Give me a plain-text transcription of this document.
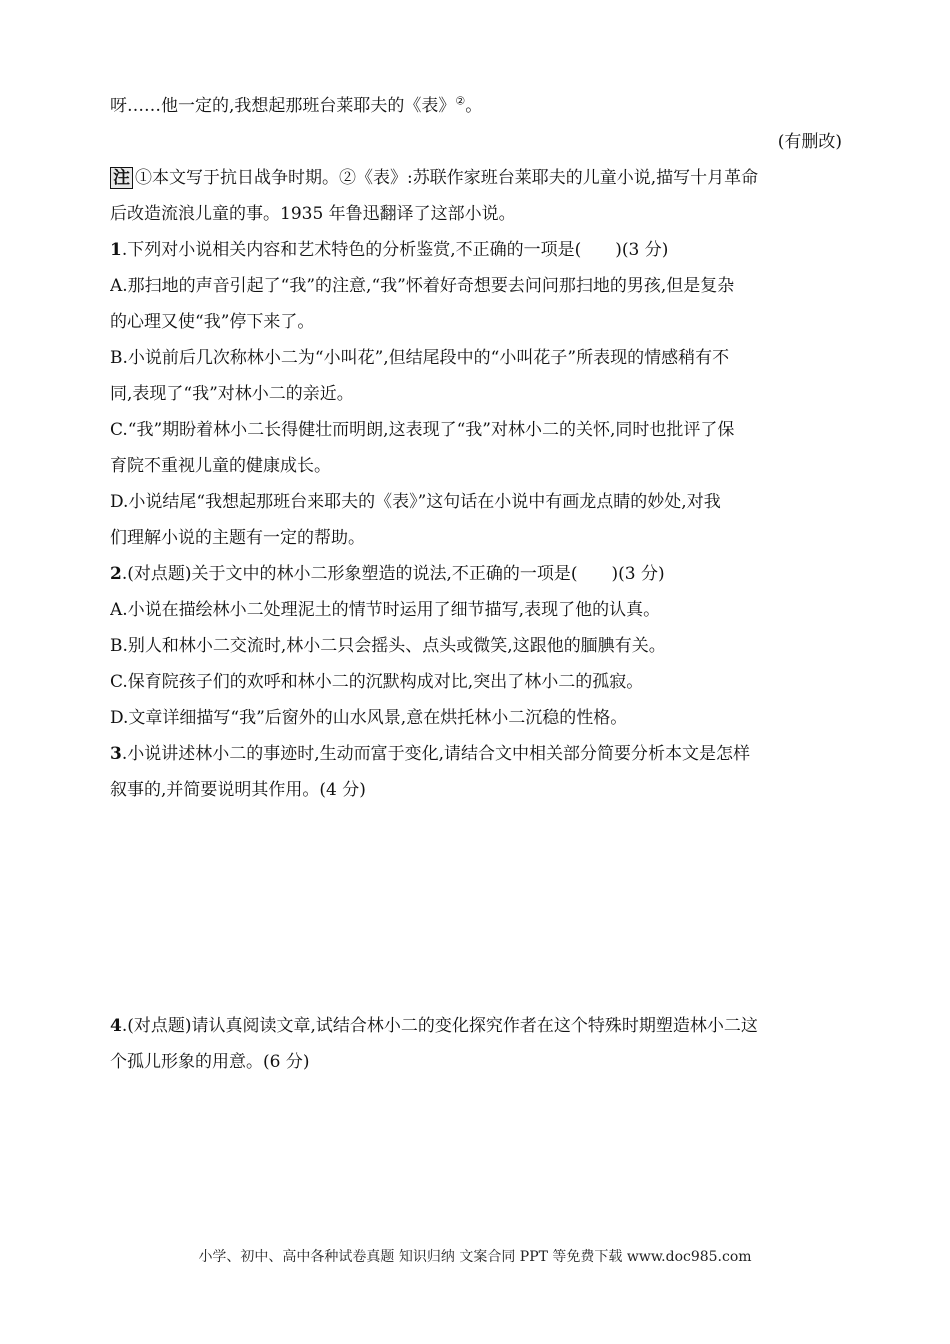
呀……他一定的,我想起那班台莱耶夫的《表》②。
(有删改)
注 ①本文写于抗日战争时期。②《表》:苏联作家班台莱耶夫的儿童小说,描写十月革命
后改造流浪儿童的事。1935 年鲁迅翻译了这部小说。
1.下列对小说相关内容和艺术特色的分析鉴赏,不正确的一项是(　　)(3 分)
A.那扫地的声音引起了“我”的注意,“我”怀着好奇想要去问问那扫地的男孩,但是复杂
的心理又使“我”停下来了。
B.小说前后几次称林小二为“小叫花”,但结尾段中的“小叫花子”所表现的情感稍有不
同,表现了“我”对林小二的亲近。
C.“我”期盼着林小二长得健壮而明朗,这表现了“我”对林小二的关怀,同时也批评了保
育院不重视儿童的健康成长。
D.小说结尾“我想起那班台来耶夫的《表》”这句话在小说中有画龙点睛的妙处,对我
们理解小说的主题有一定的帮助。
2.(对点题)关于文中的林小二形象塑造的说法,不正确的一项是(　　)(3 分)
A.小说在描绘林小二处理泥土的情节时运用了细节描写,表现了他的认真。
B.别人和林小二交流时,林小二只会摇头、点头或微笑,这跟他的腼腆有关。
C.保育院孩子们的欢呼和林小二的沉默构成对比,突出了林小二的孤寂。
D.文章详细描写“我”后窗外的山水风景,意在烘托林小二沉稳的性格。
3.小说讲述林小二的事迹时,生动而富于变化,请结合文中相关部分简要分析本文是怎样
叙事的,并简要说明其作用。(4 分)
4.(对点题)请认真阅读文章,试结合林小二的变化探究作者在这个特殊时期塑造林小二这
个孤儿形象的用意。(6 分)
小学、初中、高中各种试卷真题 知识归纳 文案合同 PPT 等免费下载 www.doc985.com
